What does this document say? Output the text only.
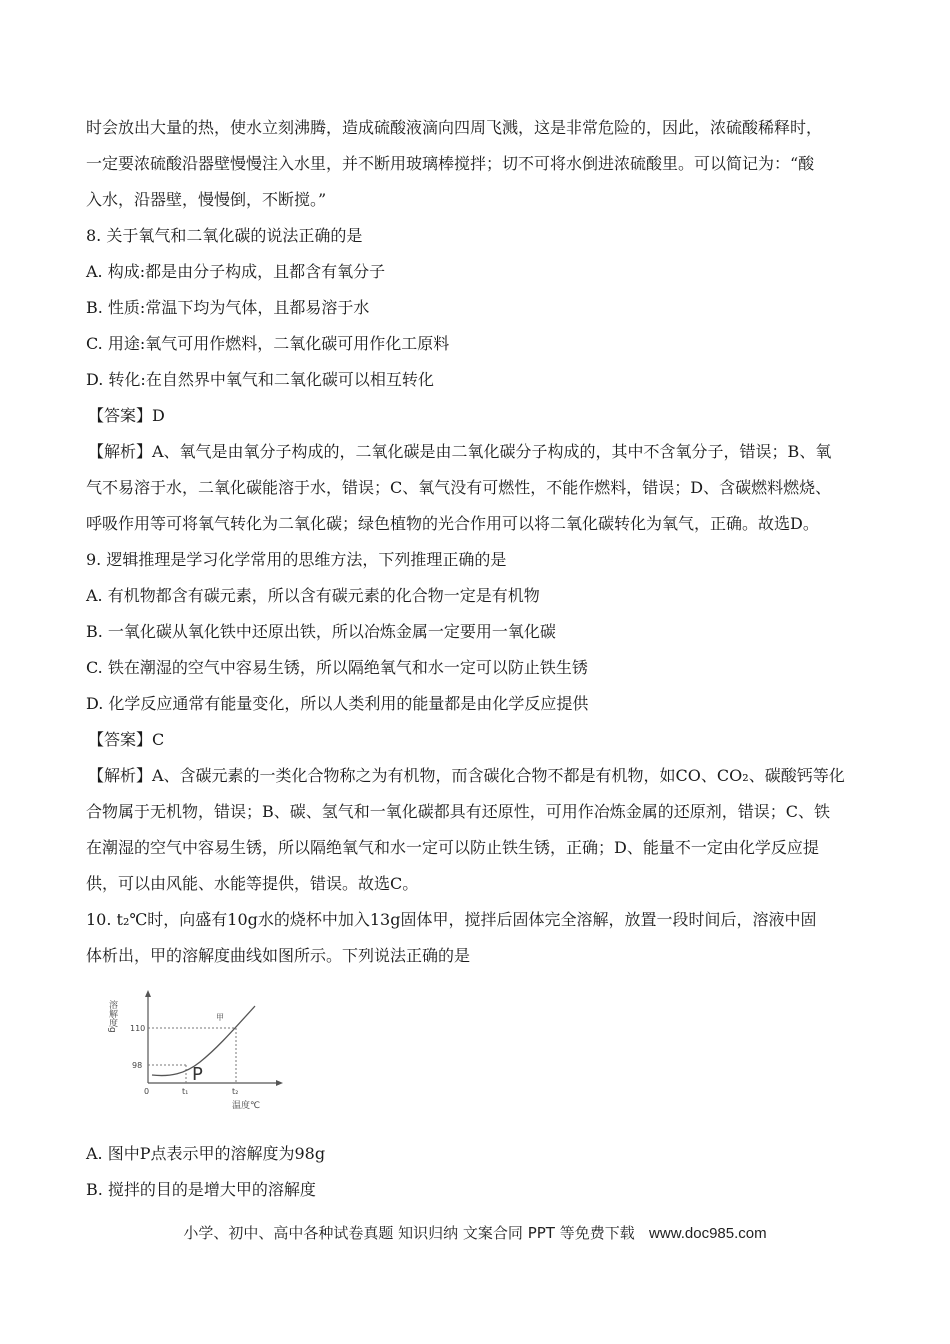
时会放出大量的热，使水立刻沸腾，造成硫酸液滴向四周飞溅，这是非常危险的，因此，浓硫酸稀释时，
一定要浓硫酸沿器壁慢慢注入水里，并不断用玻璃棒搅拌；切不可将水倒进浓硫酸里。可以简记为：“酸
入水，沿器壁，慢慢倒，不断搅。”
8. 关于氧气和二氧化碳的说法正确的是
A. 构成:都是由分子构成，且都含有氧分子
B. 性质:常温下均为气体，且都易溶于水
C. 用途:氧气可用作燃料，二氧化碳可用作化工原料
D. 转化:在自然界中氧气和二氧化碳可以相互转化
【答案】D
【解析】A、氧气是由氧分子构成的，二氧化碳是由二氧化碳分子构成的，其中不含氧分子，错误；B、氧
气不易溶于水，二氧化碳能溶于水，错误；C、氧气没有可燃性，不能作燃料，错误；D、含碳燃料燃烧、
呼吸作用等可将氧气转化为二氧化碳；绿色植物的光合作用可以将二氧化碳转化为氧气，正确。故选D。
9. 逻辑推理是学习化学常用的思维方法，下列推理正确的是
A. 有机物都含有碳元素，所以含有碳元素的化合物一定是有机物
B. 一氧化碳从氧化铁中还原出铁，所以冶炼金属一定要用一氧化碳
C. 铁在潮湿的空气中容易生锈，所以隔绝氧气和水一定可以防止铁生锈
D. 化学反应通常有能量变化，所以人类利用的能量都是由化学反应提供
【答案】C
【解析】A、含碳元素的一类化合物称之为有机物，而含碳化合物不都是有机物，如CO、CO₂、碳酸钙等化
合物属于无机物，错误；B、碳、氢气和一氧化碳都具有还原性，可用作冶炼金属的还原剂，错误；C、铁
在潮湿的空气中容易生锈，所以隔绝氧气和水一定可以防止铁生锈，正确；D、能量不一定由化学反应提
供，可以由风能、水能等提供，错误。故选C。
10. t₂℃时，向盛有10g水的烧杯中加入13g固体甲，搅拌后固体完全溶解，放置一段时间后，溶液中固
体析出，甲的溶解度曲线如图所示。下列说法正确的是
溶解度g 110
98
0	t₁	t₂
温度℃
甲
P
A. 图中P点表示甲的溶解度为98g
B. 搅拌的目的是增大甲的溶解度
小学、初中、高中各种试卷真题 知识归纳 文案合同 PPT 等免费下载 www.doc985.com
